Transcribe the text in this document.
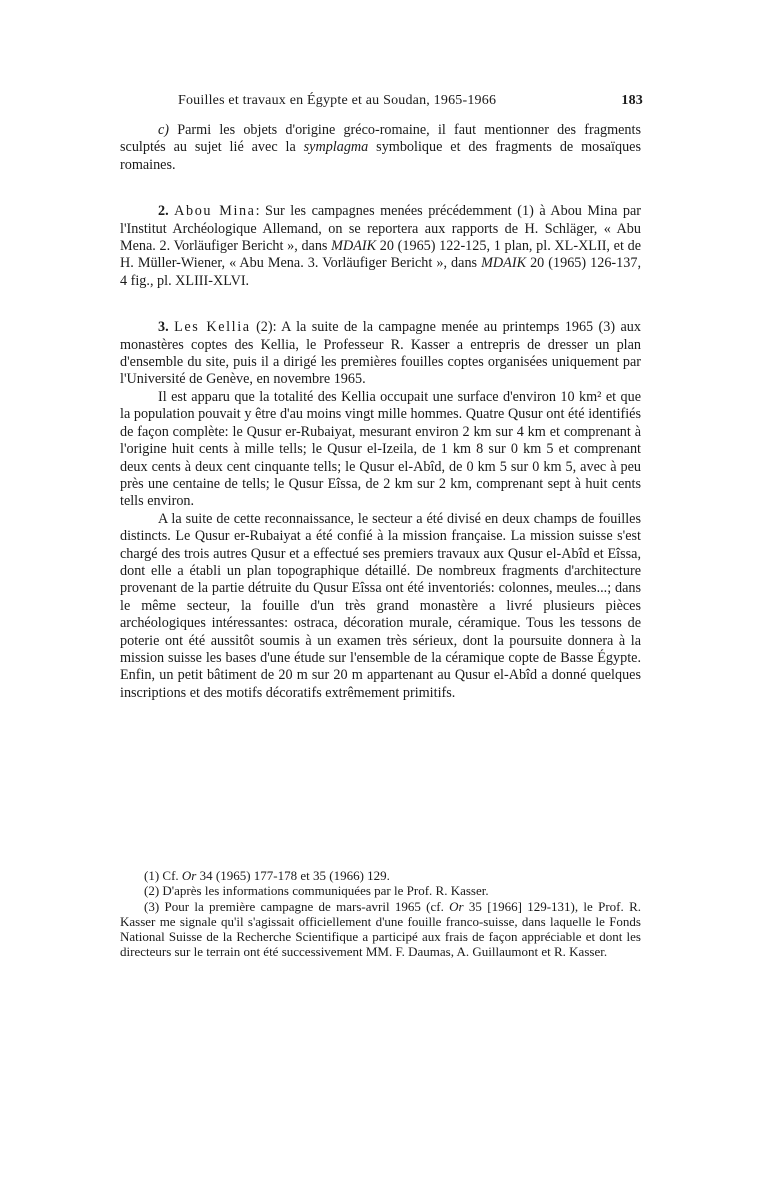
Fouilles et travaux en Égypte et au Soudan, 1965-1966	183

c) Parmi les objets d'origine gréco-romaine, il faut mentionner des fragments sculptés au sujet lié avec la symplagma symbolique et des fragments de mosaïques romaines.

2. Abou Mina: Sur les campagnes menées précédemment (1) à Abou Mina par l'Institut Archéologique Allemand, on se reportera aux rapports de H. Schläger, « Abu Mena. 2. Vorläufiger Bericht », dans MDAIK 20 (1965) 122-125, 1 plan, pl. XL-XLII, et de H. Müller-Wiener, « Abu Mena. 3. Vorläufiger Bericht », dans MDAIK 20 (1965) 126-137, 4 fig., pl. XLIII-XLVI.

3. Les Kellia (2): A la suite de la campagne menée au printemps 1965 (3) aux monastères coptes des Kellia, le Professeur R. Kasser a entrepris de dresser un plan d'ensemble du site, puis il a dirigé les premières fouilles coptes organisées uniquement par l'Université de Genève, en novembre 1965.

Il est apparu que la totalité des Kellia occupait une surface d'environ 10 km² et que la population pouvait y être d'au moins vingt mille hommes. Quatre Qusur ont été identifiés de façon complète: le Qusur er-Rubaiyat, mesurant environ 2 km sur 4 km et comprenant à l'origine huit cents à mille tells; le Qusur el-Izeila, de 1 km 8 sur 0 km 5 et comprenant deux cents à deux cent cinquante tells; le Qusur el-Abîd, de 0 km 5 sur 0 km 5, avec à peu près une centaine de tells; le Qusur Eîssa, de 2 km sur 2 km, comprenant sept à huit cents tells environ.

A la suite de cette reconnaissance, le secteur a été divisé en deux champs de fouilles distincts. Le Qusur er-Rubaiyat a été confié à la mission française. La mission suisse s'est chargé des trois autres Qusur et a effectué ses premiers travaux aux Qusur el-Abîd et Eîssa, dont elle a établi un plan topographique détaillé. De nombreux fragments d'architecture provenant de la partie détruite du Qusur Eîssa ont été inventoriés: colonnes, meules...; dans le même secteur, la fouille d'un très grand monastère a livré plusieurs pièces archéologiques intéressantes: ostraca, décoration murale, céramique. Tous les tessons de poterie ont été aussitôt soumis à un examen très sérieux, dont la poursuite donnera à la mission suisse les bases d'une étude sur l'ensemble de la céramique copte de Basse Égypte. Enfin, un petit bâtiment de 20 m sur 20 m appartenant au Qusur el-Abîd a donné quelques inscriptions et des motifs décoratifs extrêmement primitifs.

(1) Cf. Or 34 (1965) 177-178 et 35 (1966) 129.

(2) D'après les informations communiquées par le Prof. R. Kasser.

(3) Pour la première campagne de mars-avril 1965 (cf. Or 35 [1966] 129-131), le Prof. R. Kasser me signale qu'il s'agissait officiellement d'une fouille franco-suisse, dans laquelle le Fonds National Suisse de la Recherche Scientifique a participé aux frais de façon appréciable et dont les directeurs sur le terrain ont été successivement MM. F. Daumas, A. Guillaumont et R. Kasser.
